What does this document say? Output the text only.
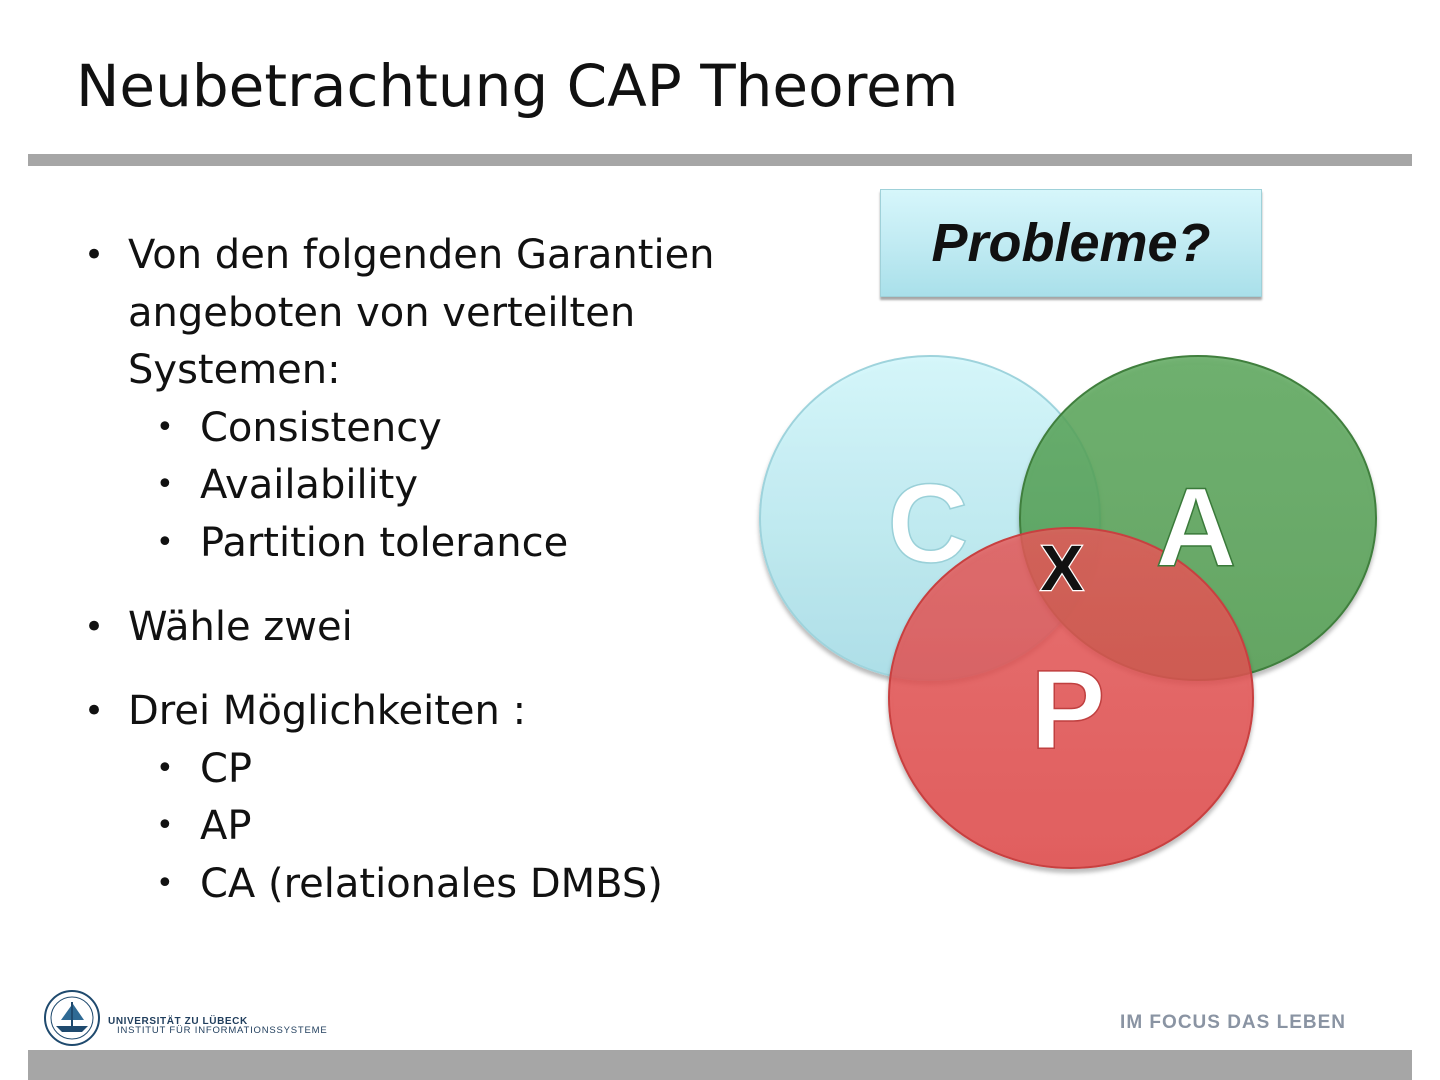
Neubetrachtung CAP Theorem
• Von den folgenden Garantien
angeboten von verteilten
Systemen:
• Consistency
• Availability
• Partition tolerance
• Wähle zwei
• Drei Möglichkeiten :
• CP
• AP
• CA (relationales DMBS)
Probleme?
C A
P
X
UNIVERSITÄT ZU LÜBECK
INSTITUT FÜR INFORMATIONSSYSTEME	IM FOCUS DAS LEBEN
